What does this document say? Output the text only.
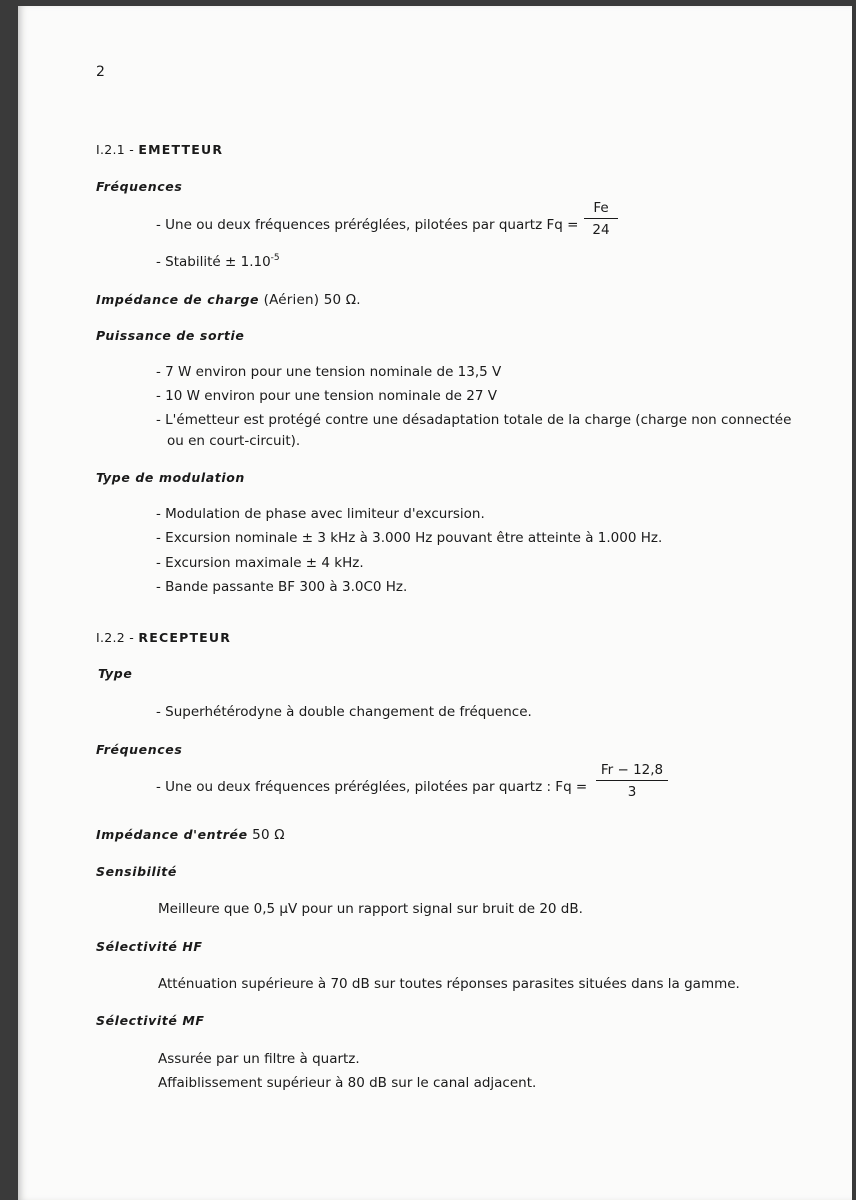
2
I.2.1 - EMETTEUR
Fréquences
- Une ou deux fréquences préréglées, pilotées par quartz $Fq = \frac{Fe}{24}$
- Stabilité ± $1.10^{-5}$
Impédance de charge (Aérien) 50 Ω.
Puissance de sortie
- 7 W environ pour une tension nominale de 13,5 V
- 10 W environ pour une tension nominale de 27 V
- L'émetteur est protégé contre une désadaptation totale de la charge (charge non connectée
ou en court-circuit).
Type de modulation
- Modulation de phase avec limiteur d'excursion.
- Excursion nominale ± 3 kHz à 3.000 Hz pouvant être atteinte à 1.000 Hz.
- Excursion maximale ± 4 kHz.
- Bande passante BF 300 à 3.0C0 Hz.
I.2.2 - RECEPTEUR
Type
- Superhétérodyne à double changement de fréquence.
Fréquences
- Une ou deux fréquences préréglées, pilotées par quartz : $Fq = \frac{Fr - 12,8}{3}$
Impédance d'entrée 50 Ω
Sensibilité
Meilleure que 0,5 µV pour un rapport signal sur bruit de 20 dB.
Sélectivité HF
Atténuation supérieure à 70 dB sur toutes réponses parasites situées dans la gamme.
Sélectivité MF
Assurée par un filtre à quartz.
Affaiblissement supérieur à 80 dB sur le canal adjacent.
